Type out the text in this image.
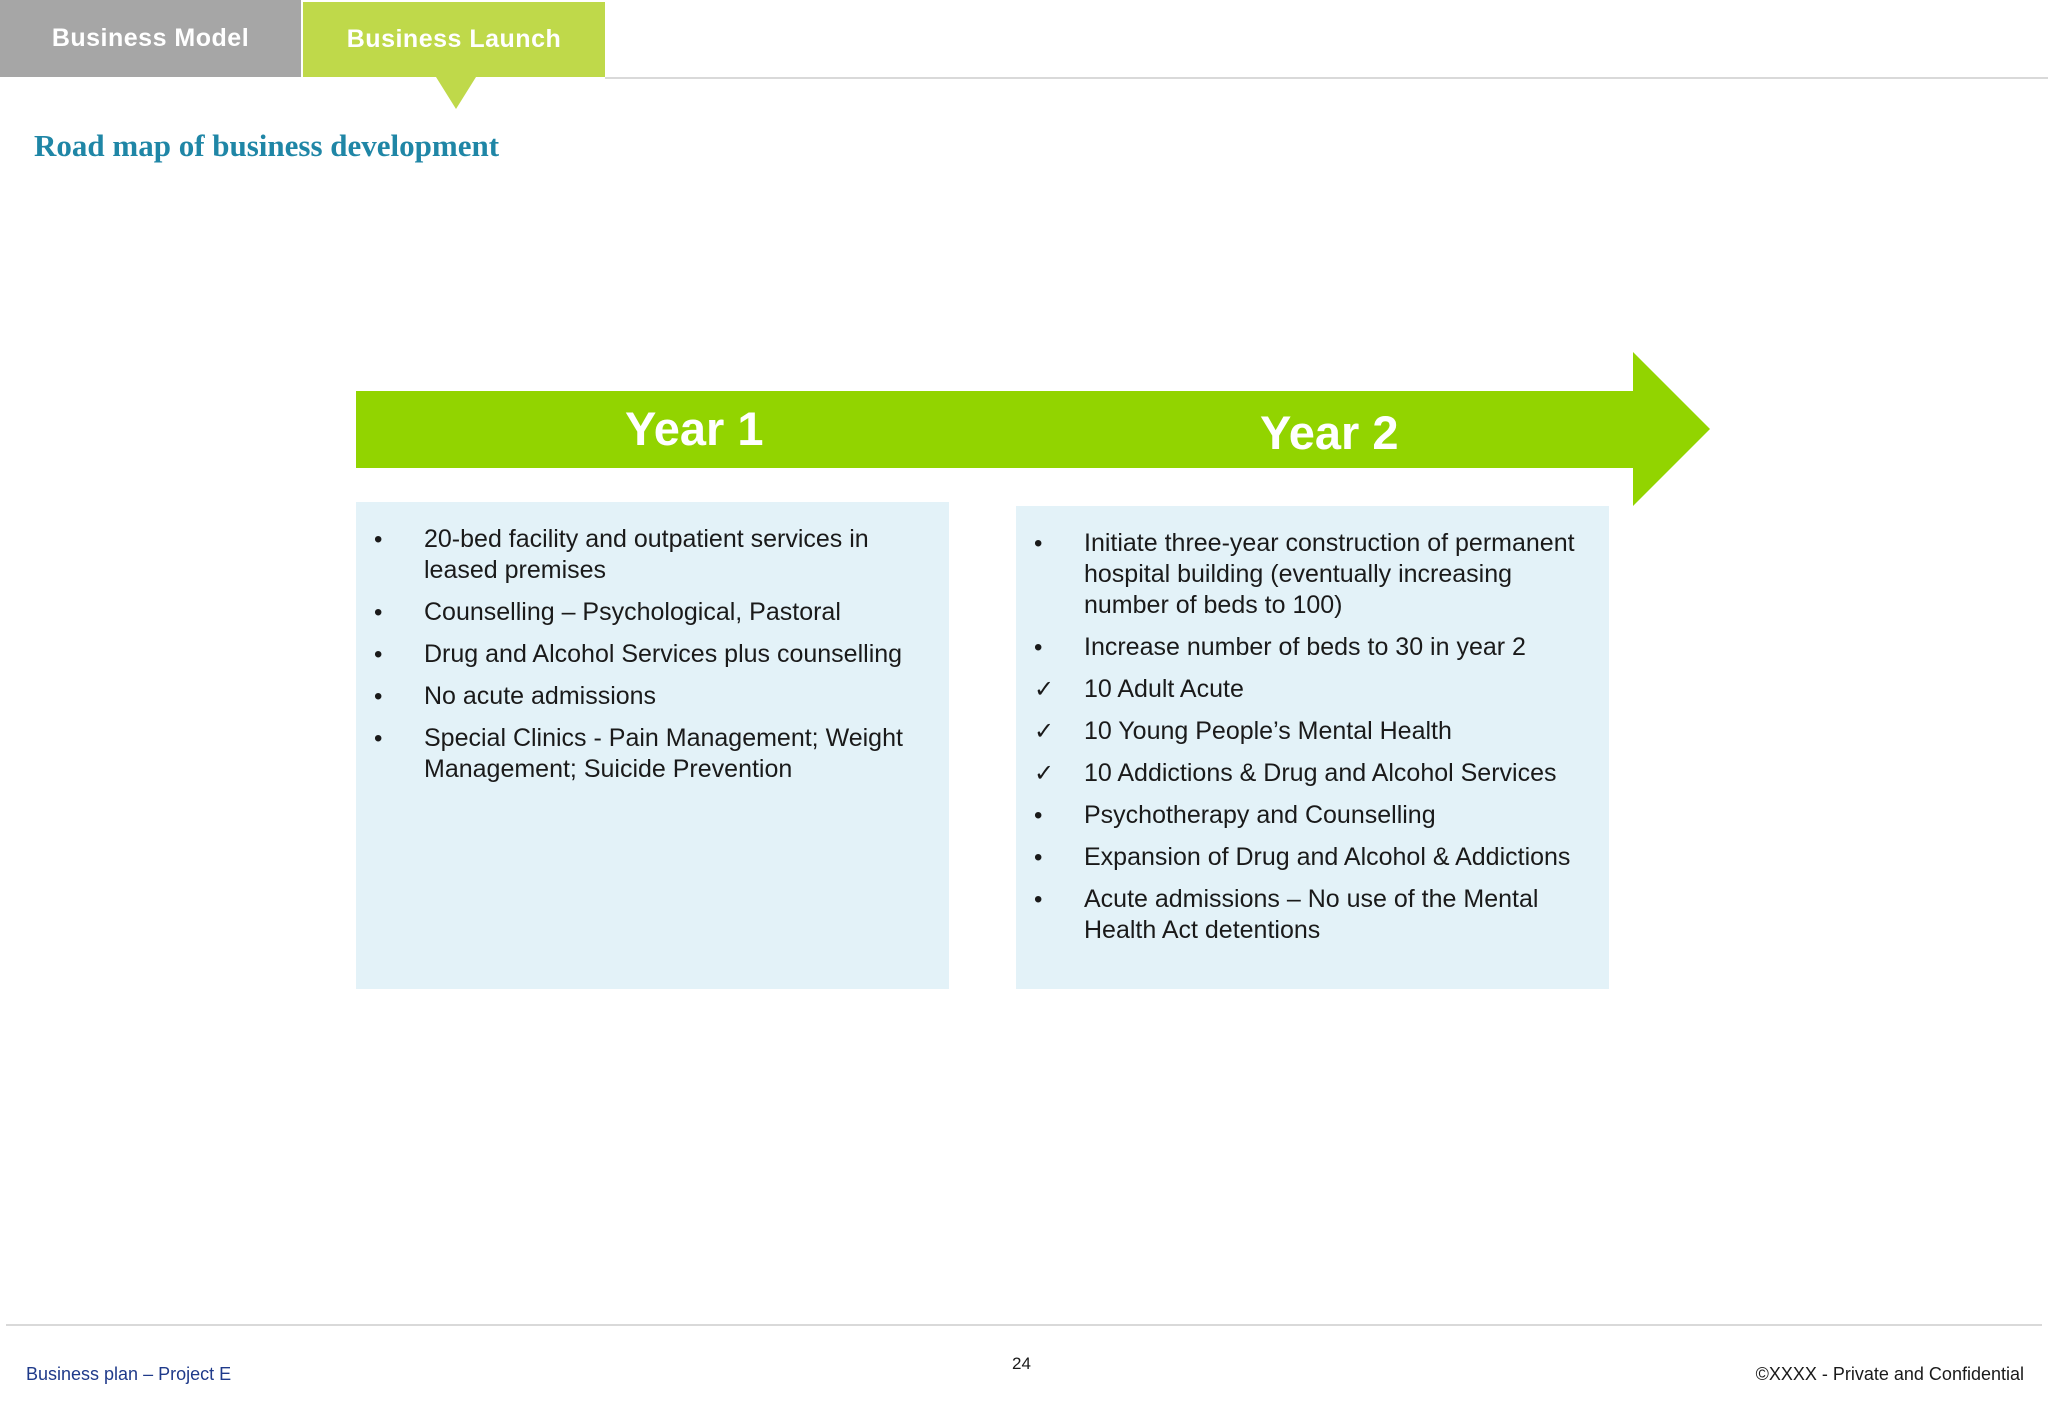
Business Model	Business Launch
Road map of business development
Year 1	Year 2
•	20-bed facility and outpatient services in leased premises
•	Counselling – Psychological, Pastoral
•	Drug and Alcohol Services plus counselling
•	No acute admissions
•	Special Clinics - Pain Management; Weight Management; Suicide Prevention
•	Initiate three-year construction of permanent hospital building (eventually increasing number of beds to 100)
•	Increase number of beds to 30 in year 2
✓	10 Adult Acute
✓	10 Young People’s Mental Health
✓	10 Addictions & Drug and Alcohol Services
•	Psychotherapy and Counselling
•	Expansion of Drug and Alcohol & Addictions
•	Acute admissions – No use of the Mental Health Act detentions
Business plan – Project E
24
©XXXX - Private and Confidential
